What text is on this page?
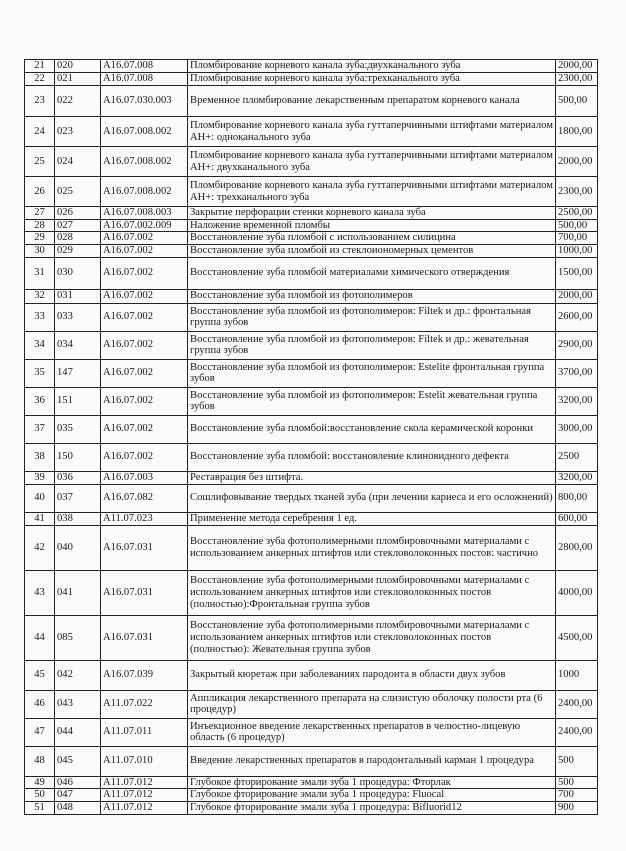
21	020	A16.07.008	Пломбирование корневого канала зуба:двухканального зуба	2000,00
22	021	A16.07.008	Пломбирование корневого канала зуба:трехканального зуба	2300,00
23	022	A16.07.030.003	Временное пломбирование лекарственным препаратом корневого канала	500,00
24	023	A16.07.008.002	Пломбирование корневого канала зуба гуттаперчивными штифтами материалом AH+: одноканального зуба	1800,00
25	024	A16.07.008.002	Пломбирование корневого канала зуба гуттаперчивными штифтами материалом AH+: двухканального зуба	2000,00
26	025	A16.07.008.002	Пломбирование корневого канала зуба гуттаперчивными штифтами материалом AH+: трехканального зуба	2300,00
27	026	A16.07.008.003	Закрытие перфорации стенки корневого канала зуба	2500,00
28	027	A16.07.002.009	Наложение временной пломбы	500,00
29	028	A16.07.002	Восстановление зуба пломбой с использованием силицина	700,00
30	029	A16.07.002	Восстановление зуба пломбой из стеклоиономерных цементов	1000,00
31	030	A16.07.002	Восстановление зуба пломбой материалами химического отверждения	1500,00
32	031	A16.07.002	Восстановление зуба пломбой из фотополимеров	2000,00
33	033	A16.07.002	Восстановление зуба пломбой из фотополимеров: Filtek и др.: фронтальная группа зубов	2600,00
34	034	A16.07.002	Восстановление зуба пломбой из фотополимеров: Filtek и др.: жевательная группа зубов	2900,00
35	147	A16.07.002	Восстановление зуба пломбой из фотополимеров: Estelite фронтальная группа зубов	3700,00
36	151	A16.07.002	Восстановление зуба пломбой из фотополимеров: Estelit жевательная группа зубов	3200,00
37	035	A16.07.002	Восстановление зуба пломбой:восстановление скола керамической коронки	3000,00
38	150	A16.07.002	Восстановление зуба пломбой: восстановление клиновидного дефекта	2500
39	036	A16.07.003	Реставрация без штифта.	3200,00
40	037	A16.07.082	Сошлифовывание твердых тканей зуба (при лечении кариеса и его осложнений)	800,00
41	038	A11.07.023	Применение метода серебрения 1 ед.	600,00
42	040	A16.07.031	Восстановление зуба фотополимерными пломбировочными материалами с использованием анкерных штифтов или стекловолоконных постов: частично	2800,00
43	041	A16.07.031	Восстановление зуба фотополимерными пломбировочными материалами с использованием анкерных штифтов или стекловолоконных постов (полностью):Фронтальная группа зубов	4000,00
44	085	A16.07.031	Восстановление зуба фотополимерными пломбировочными материалами с использованием анкерных штифтов или стекловолоконных постов (полностью): Жевательная группа зубов	4500,00
45	042	A16.07.039	Закрытый кюретаж при заболеваниях пародонта в области двух зубов	1000
46	043	A11.07.022	Аппликация лекарственного препарата на слизистую оболочку полости рта (6 процедур)	2400,00
47	044	A11.07.011	Инъекционное введение лекарственных препаратов в челюстно-лицевую область (6 процедур)	2400,00
48	045	A11.07.010	Введение лекарственных препаратов в пародонтальный карман 1 процедура	500
49	046	A11.07.012	Глубокое фторирование эмали зуба 1 процедура: Фторлак	500
50	047	A11.07.012	Глубокое фторирование эмали зуба 1 процедура: Fluocal	700
51	048	A11.07.012	Глубокое фторирование эмали зуба 1 процедура: Bifluorid12	900
